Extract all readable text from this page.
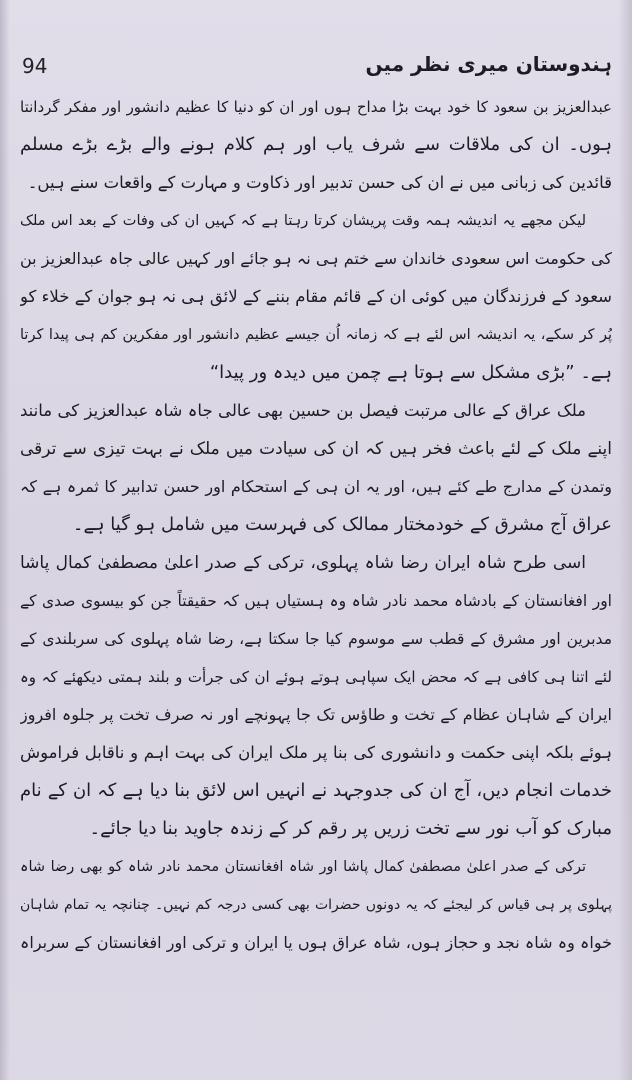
ہندوستان میری نظر میں
94
عبدالعزیز بن سعود کا خود بہت بڑا مداح ہوں اور ان کو دنیا کا عظیم دانشور اور مفکر گردانتا
ہوں۔ ان کی ملاقات سے شرف یاب اور ہم کلام ہونے والے بڑے بڑے مسلم
قائدین کی زبانی میں نے ان کی حسن تدبیر اور ذکاوت و مہارت کے واقعات سنے ہیں۔
لیکن مجھے یہ اندیشہ ہمہ وقت پریشان کرتا رہتا ہے کہ کہیں ان کی وفات کے بعد اس ملک
کی حکومت اس سعودی خاندان سے ختم ہی نہ ہو جائے اور کہیں عالی جاہ عبدالعزیز بن
سعود کے فرزندگان میں کوئی ان کے قائم مقام بننے کے لائق ہی نہ ہو جوان کے خلاء کو
پُر کر سکے، یہ اندیشہ اس لئے ہے کہ زمانہ اُن جیسے عظیم دانشور اور مفکرین کم ہی پیدا کرتا
ہے۔ ”بڑی مشکل سے ہوتا ہے چمن میں دیدہ ور پیدا“
ملک عراق کے عالی مرتبت فیصل بن حسین بھی عالی جاہ شاہ عبدالعزیز کی مانند
اپنے ملک کے لئے باعث فخر ہیں کہ ان کی سیادت میں ملک نے بہت تیزی سے ترقی
وتمدن کے مدارج طے کئے ہیں، اور یہ ان ہی کے استحکام اور حسن تدابیر کا ثمرہ ہے کہ
عراق آج مشرق کے خودمختار ممالک کی فہرست میں شامل ہو گیا ہے۔
اسی طرح شاہ ایران رضا شاہ پہلوی، ترکی کے صدر اعلیٰ مصطفیٰ کمال پاشا
اور افغانستان کے بادشاہ محمد نادر شاہ وہ ہستیاں ہیں کہ حقیقتاً جن کو بیسوی صدی کے
مدبرین اور مشرق کے قطب سے موسوم کیا جا سکتا ہے، رضا شاہ پہلوی کی سربلندی کے
لئے اتنا ہی کافی ہے کہ محض ایک سپاہی ہوتے ہوئے ان کی جرأت و بلند ہمتی دیکھئے کہ وہ
ایران کے شاہان عظام کے تخت و طاؤس تک جا پہونچے اور نہ صرف تخت پر جلوہ افروز
ہوئے بلکہ اپنی حکمت و دانشوری کی بنا پر ملک ایران کی بہت اہم و ناقابل فراموش
خدمات انجام دیں، آج ان کی جدوجہد نے انہیں اس لائق بنا دیا ہے کہ ان کے نام
مبارک کو آب نور سے تخت زریں پر رقم کر کے زندہ جاوید بنا دیا جائے۔
ترکی کے صدر اعلیٰ مصطفیٰ کمال پاشا اور شاہ افغانستان محمد نادر شاہ کو بھی رضا شاہ
پہلوی پر ہی قیاس کر لیجئے کہ یہ دونوں حضرات بھی کسی درجہ کم نہیں۔ چنانچہ یہ تمام شاہان
خواہ وہ شاہ نجد و حجاز ہوں، شاہ عراق ہوں یا ایران و ترکی اور افغانستان کے سربراہ
